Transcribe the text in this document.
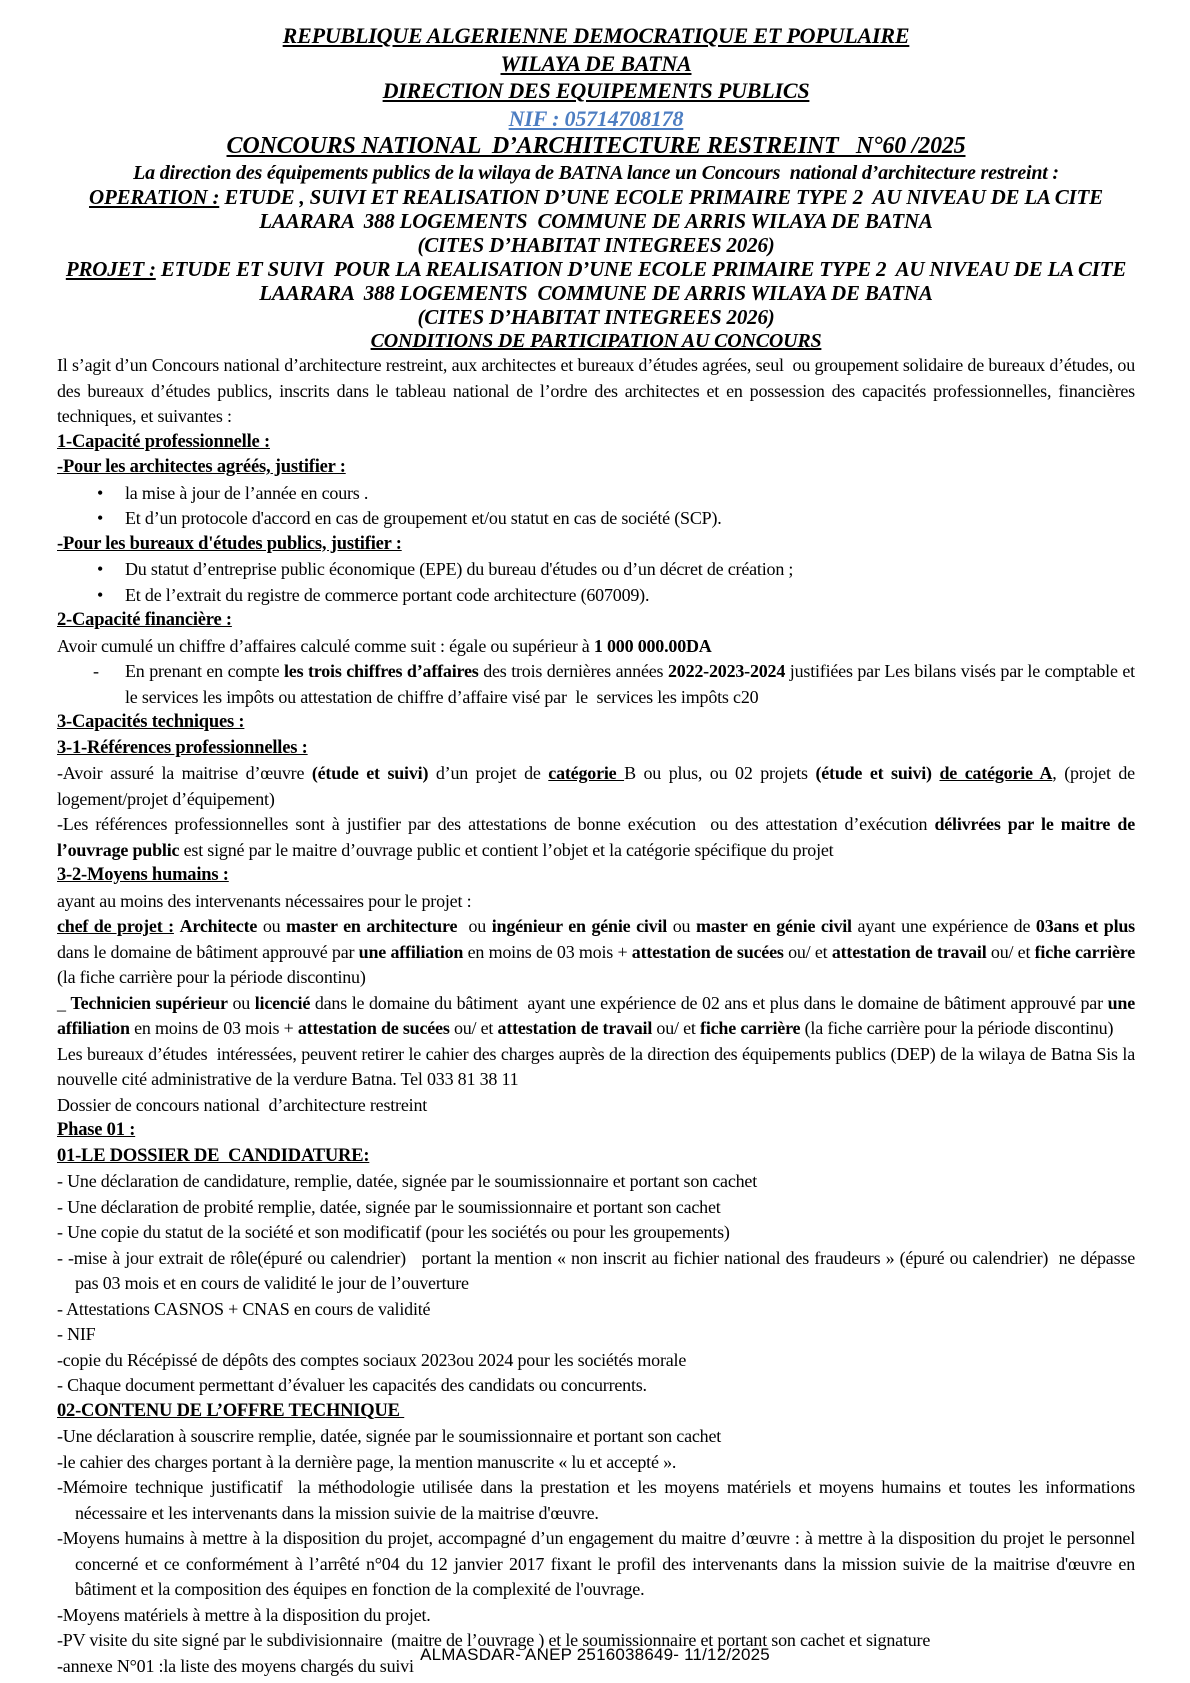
REPUBLIQUE ALGERIENNE DEMOCRATIQUE ET POPULAIRE
WILAYA DE BATNA
DIRECTION DES EQUIPEMENTS PUBLICS
NIF : 05714708178
CONCOURS NATIONAL  D’ARCHITECTURE RESTREINT   N°60 /2025
La direction des équipements publics de la wilaya de BATNA lance un Concours  national d’architecture restreint :
OPERATION : ETUDE , SUIVI ET REALISATION D’UNE ECOLE PRIMAIRE TYPE 2  AU NIVEAU DE LA CITE LAARARA  388 LOGEMENTS  COMMUNE DE ARRIS WILAYA DE BATNA
(CITES D’HABITAT INTEGREES 2026)
PROJET : ETUDE ET SUIVI  POUR LA REALISATION D’UNE ECOLE PRIMAIRE TYPE 2  AU NIVEAU DE LA CITE LAARARA  388 LOGEMENTS  COMMUNE DE ARRIS WILAYA DE BATNA
(CITES D’HABITAT INTEGREES 2026)
CONDITIONS DE PARTICIPATION AU CONCOURS
Il s’agit d’un Concours national d’architecture restreint, aux architectes et bureaux d’études agrées, seul  ou groupement solidaire de bureaux d’études, ou des bureaux d’études publics, inscrits dans le tableau national de l’ordre des architectes et en possession des capacités professionnelles, financières techniques, et suivantes :
1-Capacité professionnelle :
-Pour les architectes agréés, justifier :
• la mise à jour de l’année en cours .
• Et d’un protocole d'accord en cas de groupement et/ou statut en cas de société (SCP).
-Pour les bureaux d'études publics, justifier :
• Du statut d’entreprise public économique (EPE) du bureau d'études ou d’un décret de création ;
• Et de l’extrait du registre de commerce portant code architecture (607009).
2-Capacité financière :
Avoir cumulé un chiffre d’affaires calculé comme suit : égale ou supérieur à 1 000 000.00DA
- En prenant en compte les trois chiffres d’affaires des trois dernières années 2022-2023-2024 justifiées par Les bilans visés par le comptable et  le services les impôts ou attestation de chiffre d’affaire visé par  le  services les impôts c20
3-Capacités techniques :
3-1-Références professionnelles :
-Avoir assuré la maitrise d’œuvre (étude et suivi) d’un projet de catégorie B ou plus, ou 02 projets (étude et suivi) de catégorie A, (projet de logement/projet d’équipement)
-Les références professionnelles sont à justifier par des attestations de bonne exécution  ou des attestation d’exécution délivrées par le maitre de l’ouvrage public est signé par le maitre d’ouvrage public et contient l’objet et la catégorie spécifique du projet
3-2-Moyens humains :
ayant au moins des intervenants nécessaires pour le projet :
chef de projet : Architecte ou master en architecture  ou ingénieur en génie civil ou master en génie civil ayant une expérience de 03ans et plus dans le domaine de bâtiment approuvé par une affiliation en moins de 03 mois + attestation de sucées ou/ et attestation de travail ou/ et fiche carrière (la fiche carrière pour la période discontinu)
_ Technicien supérieur ou licencié dans le domaine du bâtiment  ayant une expérience de 02 ans et plus dans le domaine de bâtiment approuvé par une affiliation en moins de 03 mois + attestation de sucées ou/ et attestation de travail ou/ et fiche carrière (la fiche carrière pour la période discontinu)
Les bureaux d’études  intéressées, peuvent retirer le cahier des charges auprès de la direction des équipements publics (DEP) de la wilaya de Batna Sis la nouvelle cité administrative de la verdure Batna. Tel 033 81 38 11
Dossier de concours national  d’architecture restreint
Phase 01 :
01-LE DOSSIER DE  CANDIDATURE:
- Une déclaration de candidature, remplie, datée, signée par le soumissionnaire et portant son cachet
- Une déclaration de probité remplie, datée, signée par le soumissionnaire et portant son cachet
- Une copie du statut de la société et son modificatif (pour les sociétés ou pour les groupements)
- -mise à jour extrait de rôle(épuré ou calendrier)   portant la mention « non inscrit au fichier national des fraudeurs » (épuré ou calendrier)  ne dépasse pas 03 mois et en cours de validité le jour de l’ouverture
- Attestations CASNOS + CNAS en cours de validité
- NIF
-copie du Récépissé de dépôts des comptes sociaux 2023ou 2024 pour les sociétés morale
- Chaque document permettant d’évaluer les capacités des candidats ou concurrents.
02-CONTENU DE L’OFFRE TECHNIQUE
-Une déclaration à souscrire remplie, datée, signée par le soumissionnaire et portant son cachet
-le cahier des charges portant à la dernière page, la mention manuscrite « lu et accepté ».
-Mémoire technique justificatif  la méthodologie utilisée dans la prestation et les moyens matériels et moyens humains et toutes les informations nécessaire et les intervenants dans la mission suivie de la maitrise d'œuvre.
-Moyens humains à mettre à la disposition du projet, accompagné d’un engagement du maitre d’œuvre : à mettre à la disposition du projet le personnel concerné et ce conformément à l’arrêté n°04 du 12 janvier 2017 fixant le profil des intervenants dans la mission suivie de la maitrise d'œuvre en bâtiment et la composition des équipes en fonction de la complexité de l'ouvrage.
-Moyens matériels à mettre à la disposition du projet.
-PV visite du site signé par le subdivisionnaire  (maitre de l’ouvrage ) et le soumissionnaire et portant son cachet et signature
-annexe N°01 :la liste des moyens chargés du suivi
ALMASDAR- ANEP 2516038649- 11/12/2025
